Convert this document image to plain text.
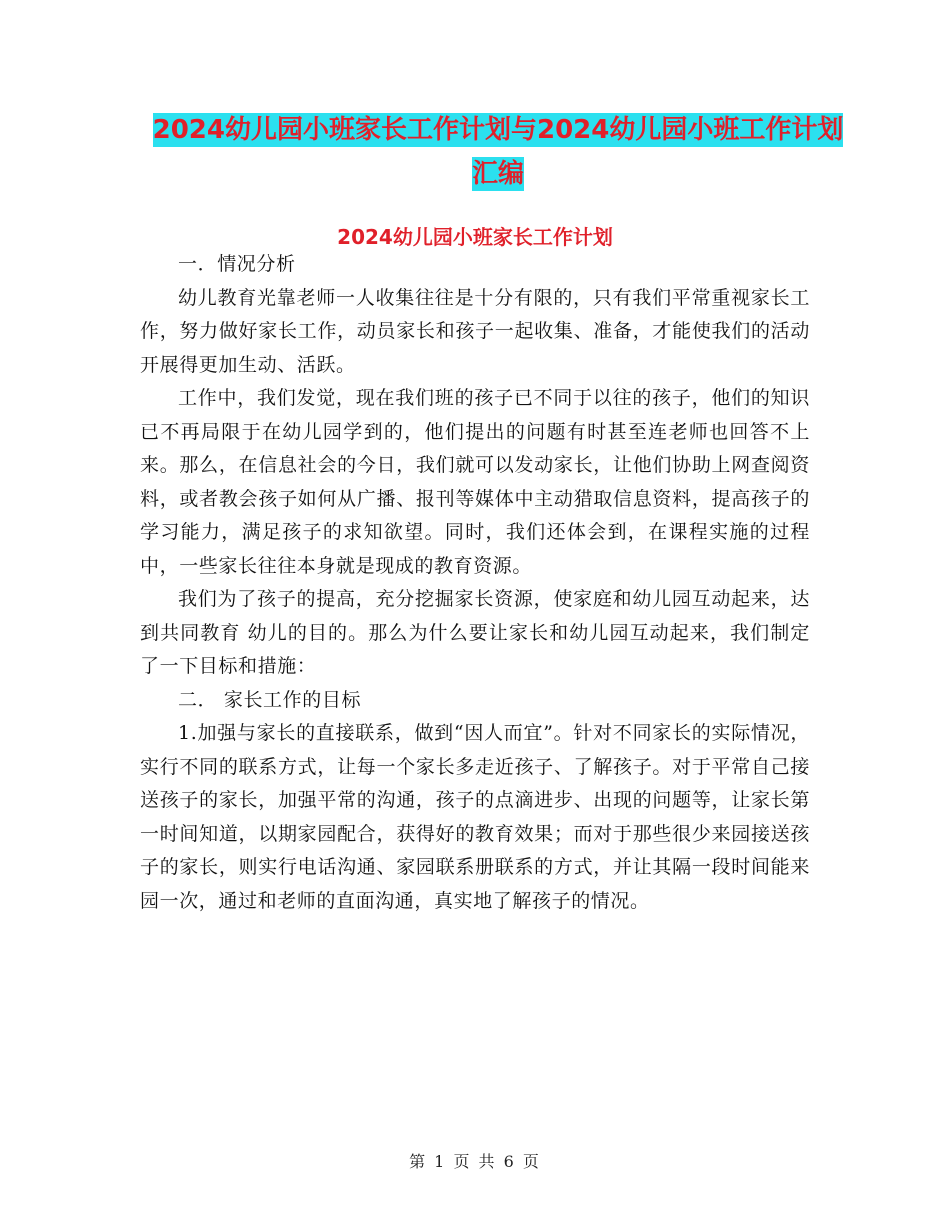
2024幼儿园小班家长工作计划与2024幼儿园小班工作计划汇编
2024幼儿园小班家长工作计划

一．情况分析

幼儿教育光靠老师一人收集往往是十分有限的，只有我们平常重视家长工作，努力做好家长工作，动员家长和孩子一起收集、准备，才能使我们的活动开展得更加生动、活跃。

工作中，我们发觉，现在我们班的孩子已不同于以往的孩子，他们的知识已不再局限于在幼儿园学到的，他们提出的问题有时甚至连老师也回答不上来。那么，在信息社会的今日，我们就可以发动家长，让他们协助上网查阅资料，或者教会孩子如何从广播、报刊等媒体中主动猎取信息资料，提高孩子的学习能力，满足孩子的求知欲望。同时，我们还体会到，在课程实施的过程中，一些家长往往本身就是现成的教育资源。

我们为了孩子的提高，充分挖掘家长资源，使家庭和幼儿园互动起来，达到共同教育 幼儿的目的。那么为什么要让家长和幼儿园互动起来，我们制定了一下目标和措施：

二． 家长工作的目标

1.加强与家长的直接联系，做到“因人而宜”。针对不同家长的实际情况，实行不同的联系方式，让每一个家长多走近孩子、了解孩子。对于平常自己接送孩子的家长，加强平常的沟通，孩子的点滴进步、出现的问题等，让家长第一时间知道，以期家园配合，获得好的教育效果；而对于那些很少来园接送孩子的家长，则实行电话沟通、家园联系册联系的方式，并让其隔一段时间能来园一次，通过和老师的直面沟通，真实地了解孩子的情况。

第 1 页 共 6 页
